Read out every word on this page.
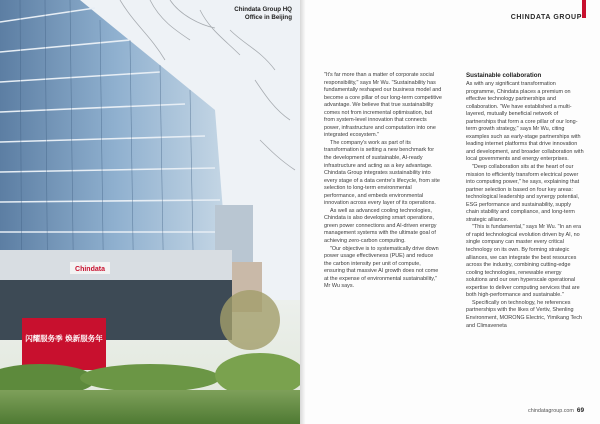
Chindata
闪耀服务季 焕新服务年
Chindata Group HQ
Office in Beijing	CHINDATA GROUP

"It's far more than a matter of corporate social responsibility," says Mr Wu. "Sustainability has fundamentally reshaped our business model and become a core pillar of our long-term competitive advantage. We believe that true sustainability comes not from incremental optimisation, but from system-level innovation that connects power, infrastructure and computation into one integrated ecosystem."

The company's work as part of its transformation is setting a new benchmark for the development of sustainable, AI-ready infrastructure and acting as a key advantage. Chindata Group integrates sustainability into every stage of a data centre's lifecycle, from site selection to long-term environmental performance, and embeds environmental innovation across every layer of its operations.

As well as advanced cooling technologies, Chindata is also developing smart operations, green power connections and AI-driven energy management systems with the ultimate goal of achieving zero-carbon computing.

"Our objective is to systematically drive down power usage effectiveness (PUE) and reduce the carbon intensity per unit of compute, ensuring that massive AI growth does not come at the expense of environmental sustainability," Mr Wu says.

Sustainable collaboration

As with any significant transformation programme, Chindata places a premium on effective technology partnerships and collaboration. "We have established a multi-layered, mutually beneficial network of partnerships that form a core pillar of our long-term growth strategy," says Mr Wu, citing examples such as early-stage partnerships with leading internet platforms that drive innovation and development, and broader collaboration with local governments and energy enterprises.

"Deep collaboration sits at the heart of our mission to efficiently transform electrical power into computing power," he says, explaining that partner selection is based on four key areas: technological leadership and synergy potential, ESG performance and sustainability, supply chain stability and compliance, and long-term strategic alliance.

"This is fundamental," says Mr Wu. "In an era of rapid technological evolution driven by AI, no single company can master every critical technology on its own. By forming strategic alliances, we can integrate the best resources across the industry, combining cutting-edge cooling technologies, renewable energy solutions and our own hyperscale operational expertise to deliver computing services that are both high-performance and sustainable."

Specifically on technology, he references partnerships with the likes of Vertiv, Shenling Environment, MORONG Electric, Yimikang Tech and Climaveneta

chindatagroup.com 69
